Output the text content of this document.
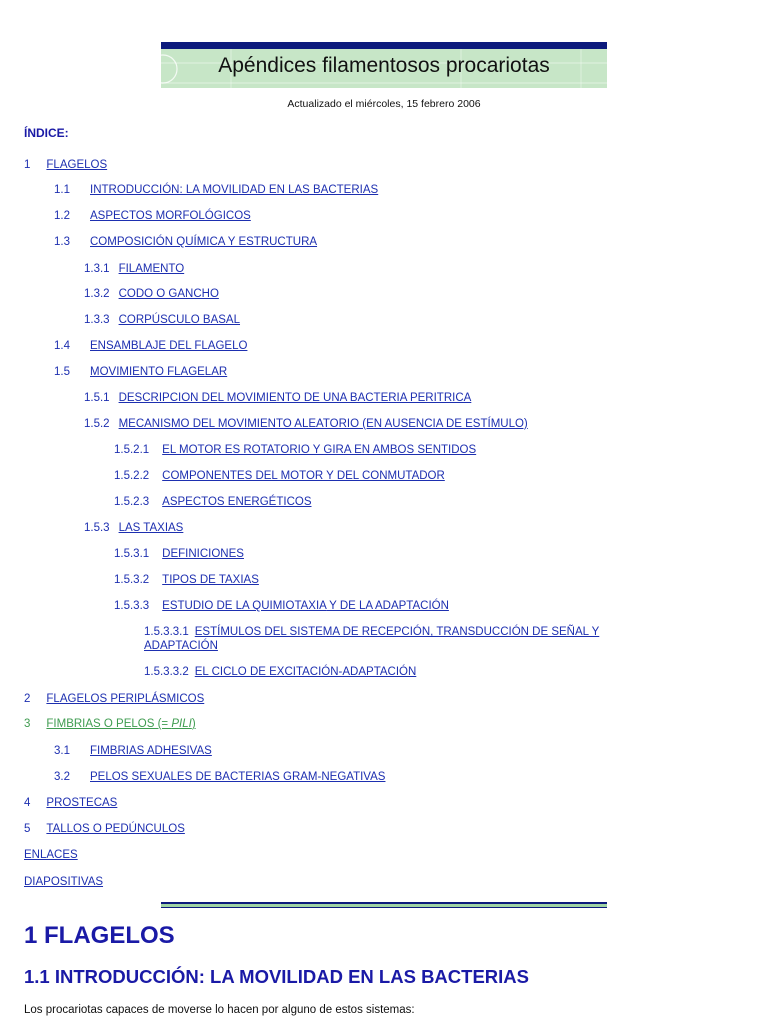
Apéndices filamentosos procariotas
Actualizado el miércoles, 15 febrero 2006
ÍNDICE:
1 FLAGELOS
1.1 INTRODUCCIÓN: LA MOVILIDAD EN LAS BACTERIAS
1.2 ASPECTOS MORFOLÓGICOS
1.3 COMPOSICIÓN QUÍMICA Y ESTRUCTURA
1.3.1 FILAMENTO
1.3.2 CODO O GANCHO
1.3.3 CORPÚSCULO BASAL
1.4 ENSAMBLAJE DEL FLAGELO
1.5 MOVIMIENTO FLAGELAR
1.5.1 DESCRIPCION DEL MOVIMIENTO DE UNA BACTERIA PERITRICA
1.5.2 MECANISMO DEL MOVIMIENTO ALEATORIO (EN AUSENCIA DE ESTÍMULO)
1.5.2.1 EL MOTOR ES ROTATORIO Y GIRA EN AMBOS SENTIDOS
1.5.2.2 COMPONENTES DEL MOTOR Y DEL CONMUTADOR
1.5.2.3 ASPECTOS ENERGÉTICOS
1.5.3 LAS TAXIAS
1.5.3.1 DEFINICIONES
1.5.3.2 TIPOS DE TAXIAS
1.5.3.3 ESTUDIO DE LA QUIMIOTAXIA Y DE LA ADAPTACIÓN
1.5.3.3.1 ESTÍMULOS DEL SISTEMA DE RECEPCIÓN, TRANSDUCCIÓN DE SEÑAL Y ADAPTACIÓN
1.5.3.3.2 EL CICLO DE EXCITACIÓN-ADAPTACIÓN
2 FLAGELOS PERIPLÁSMICOS
3 FIMBRIAS O PELOS (= PILI)
3.1 FIMBRIAS ADHESIVAS
3.2 PELOS SEXUALES DE BACTERIAS GRAM-NEGATIVAS
4 PROSTECAS
5 TALLOS O PEDÚNCULOS
ENLACES
DIAPOSITIVAS
1 FLAGELOS
1.1 INTRODUCCIÓN: LA MOVILIDAD EN LAS BACTERIAS
Los procariotas capaces de moverse lo hacen por alguno de estos sistemas:
